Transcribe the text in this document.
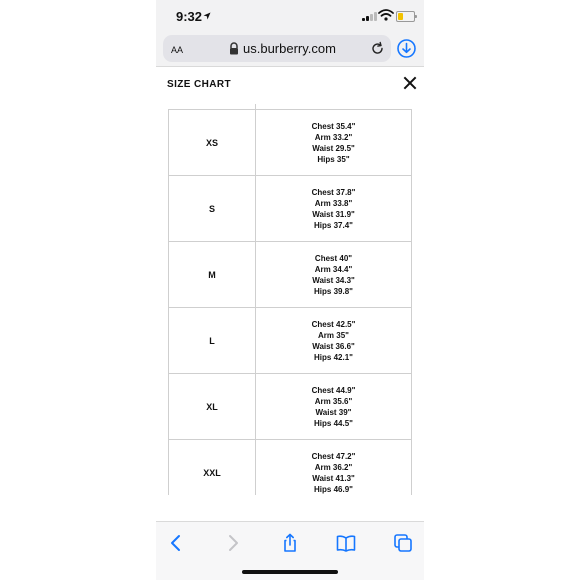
9:32
AA	us.burberry.com
SIZE CHART
XS	Chest 35.4"
Arm 33.2"
Waist 29.5"
Hips 35"

S	Chest 37.8"
Arm 33.8"
Waist 31.9"
Hips 37.4"

M	Chest 40"
Arm 34.4"
Waist 34.3"
Hips 39.8"

L	Chest 42.5"
Arm 35"
Waist 36.6"
Hips 42.1"

XL	Chest 44.9"
Arm 35.6"
Waist 39"
Hips 44.5"

XXL	Chest 47.2"
Arm 36.2"
Waist 41.3"
Hips 46.9"
